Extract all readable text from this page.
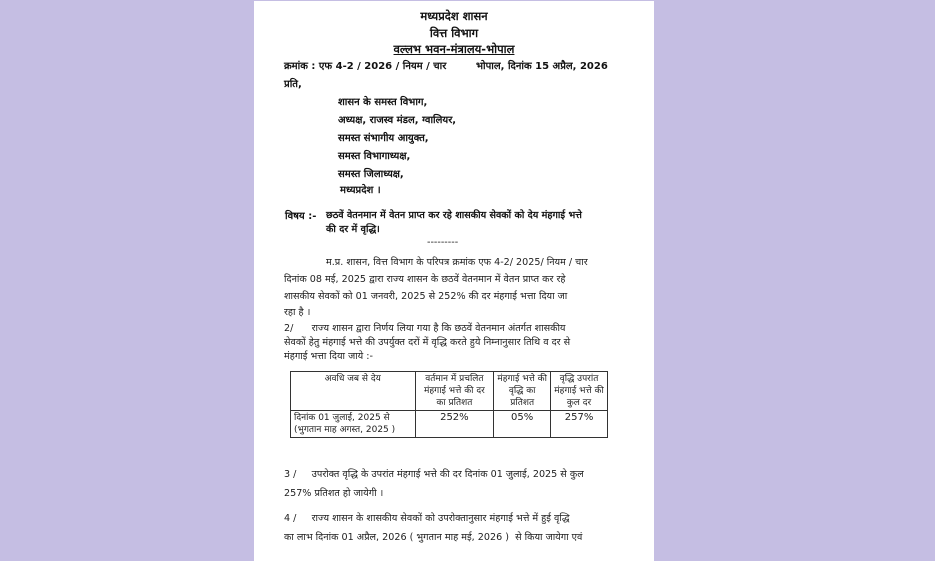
मध्यप्रदेश शासन
वित्त विभाग
वल्लभ भवन-मंत्रालय-भोपाल
क्रमांक : एफ 4-2 / 2026 / नियम / चार	भोपाल, दिनांक 15 अप्रैल, 2026
प्रति,
शासन के समस्त विभाग,
अध्यक्ष, राजस्व मंडल, ग्वालियर,
समस्त संभागीय आयुक्त,
समस्त विभागाध्यक्ष,
समस्त जिलाध्यक्ष,
मध्यप्रदेश ।
विषय :- छठवें वेतनमान में वेतन प्राप्त कर रहे शासकीय सेवकों को देय मंहगाई भत्ते
की दर में वृद्धि।
---------
म.प्र. शासन, वित्त विभाग के परिपत्र क्रमांक एफ 4-2/ 2025/ नियम / चार
दिनांक 08 मई, 2025 द्वारा राज्य शासन के छठवें वेतनमान में वेतन प्राप्त कर रहे
शासकीय सेवकों को 01 जनवरी, 2025 से 252% की दर मंहगाई भत्ता दिया जा
रहा है ।
2/      राज्य शासन द्वारा निर्णय लिया गया है कि छठवें वेतनमान अंतर्गत शासकीय
सेवकों हेतु मंहगाई भत्ते की उपर्युक्त दरों में वृद्धि करते हुये निम्नानुसार तिथि व दर से
मंहगाई भत्ता दिया जाये :-
अवधि जब से देय	वर्तमान में प्रचलित मंहगाई भत्ते की दर का प्रतिशत	मंहगाई भत्ते की वृद्धि का प्रतिशत	वृद्धि उपरांत मंहगाई भत्ते की कुल दर

दिनांक 01 जुलाई, 2025 से
(भुगतान माह अगस्त, 2025 )	252%	05%	257%
3 /     उपरोक्त वृद्धि के उपरांत मंहगाई भत्ते की दर दिनांक 01 जुलाई, 2025 से कुल
257% प्रतिशत हो जायेगी ।
4 /     राज्य शासन के शासकीय सेवकों को उपरोक्तानुसार मंहगाई भत्ते में हुई वृद्धि
का लाभ दिनांक 01 अप्रैल, 2026 ( भुगतान माह मई, 2026 )  से किया जायेगा एवं
